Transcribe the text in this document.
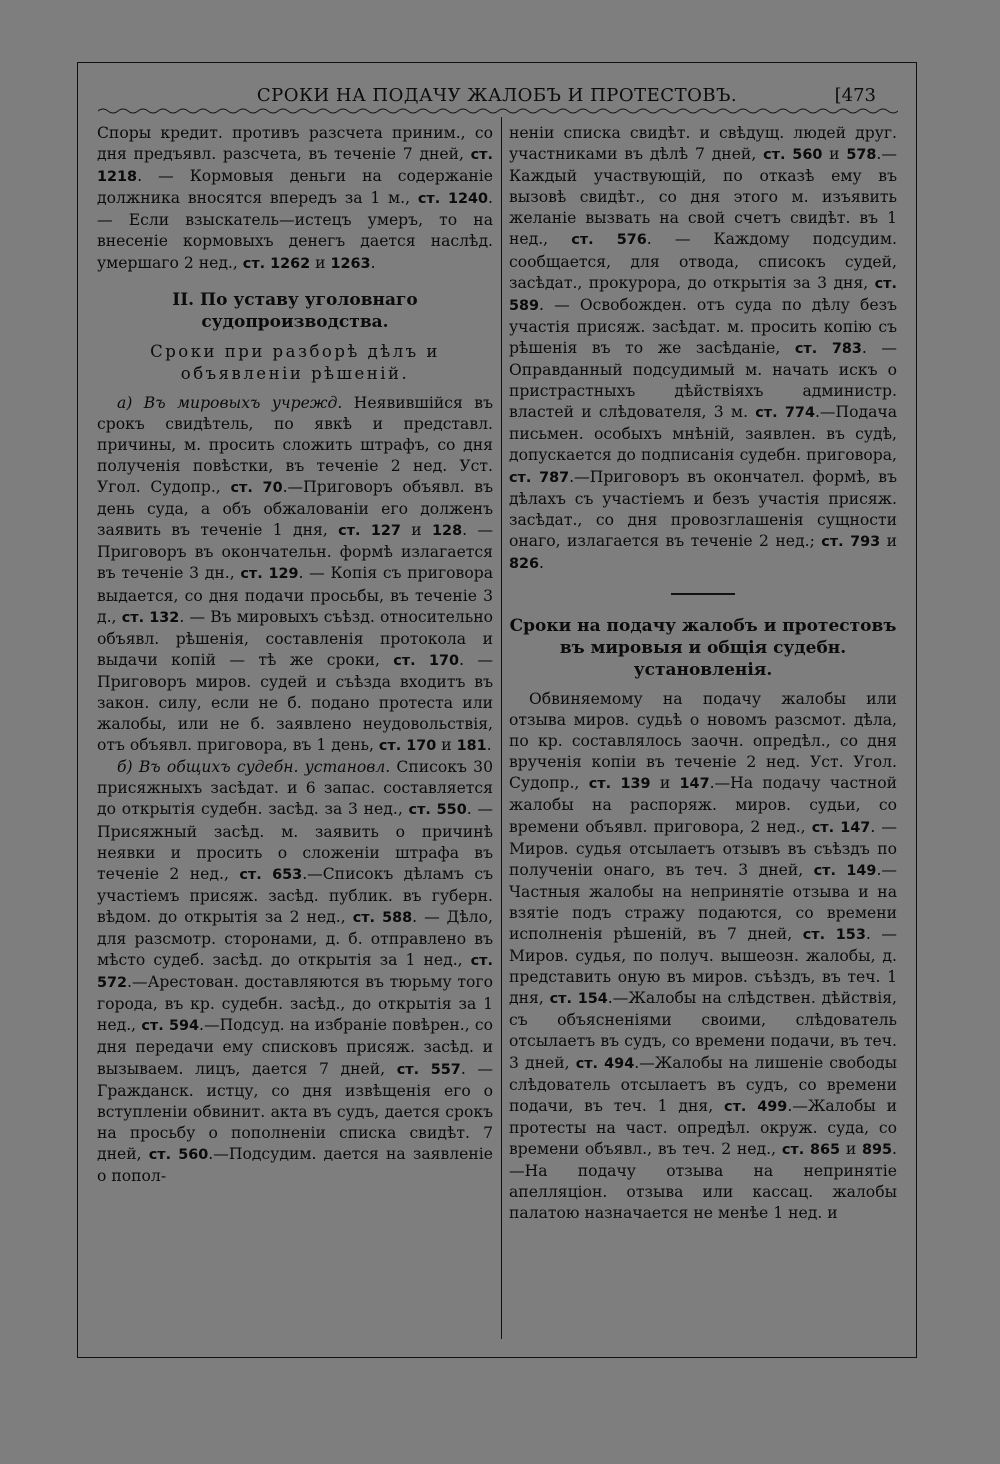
СРОКИ НА ПОДАЧУ ЖАЛОБЪ И ПРОТЕСТОВЪ.	[473

Споры кредит. противъ разсчета приним., со дня предъявл. разсчета, въ теченіе 7 дней, ст. 1218. — Кормовыя деньги на содержаніе должника вносятся впередъ за 1 м., ст. 1240. — Если взыскатель—истецъ умеръ, то на внесеніе кормовыхъ денегъ дается наслѣд. умершаго 2 нед., ст. 1262 и 1263.

II. По уставу уголовнаго судопроизводства.
Сроки при разборѣ дѣлъ и объявленіи рѣшеній.

а) Въ мировыхъ учрежд. Неявившійся въ срокъ свидѣтель, по явкѣ и представл. причины, м. просить сложить штрафъ, со дня полученія повѣстки, въ теченіе 2 нед. Уст. Угол. Судопр., ст. 70.—Приговоръ объявл. въ день суда, а объ обжалованіи его долженъ заявить въ теченіе 1 дня, ст. 127 и 128. — Приговоръ въ окончательн. формѣ излагается въ теченіе 3 дн., ст. 129. — Копія съ приговора выдается, со дня подачи просьбы, въ теченіе 3 д., ст. 132. — Въ мировыхъ съѣзд. относительно объявл. рѣшенія, составленія протокола и выдачи копій — тѣ же сроки, ст. 170. — Приговоръ миров. судей и съѣзда входитъ въ закон. силу, если не б. подано протеста или жалобы, или не б. заявлено неудовольствія, отъ объявл. приговора, въ 1 день, ст. 170 и 181.

б) Въ общихъ судебн. установл. Списокъ 30 присяжныхъ засѣдат. и 6 запас. составляется до открытія судебн. засѣд. за 3 нед., ст. 550. — Присяжный засѣд. м. заявить о причинѣ неявки и просить о сложеніи штрафа въ теченіе 2 нед., ст. 653.—Списокъ дѣламъ съ участіемъ присяж. засѣд. публик. въ губерн. вѣдом. до открытія за 2 нед., ст. 588. — Дѣло, для разсмотр. сторонами, д. б. отправлено въ мѣсто судеб. засѣд. до открытія за 1 нед., ст. 572.—Арестован. доставляются въ тюрьму того города, въ кр. судебн. засѣд., до открытія за 1 нед., ст. 594.—Подсуд. на избраніе повѣрен., со дня передачи ему списковъ присяж. засѣд. и вызываем. лицъ, дается 7 дней, ст. 557. — Гражданск. истцу, со дня извѣщенія его о вступленіи обвинит. акта въ судъ, дается срокъ на просьбу о пополненіи списка свидѣт. 7 дней, ст. 560.—Подсудим. дается на заявленіе о попол-

неніи списка свидѣт. и свѣдущ. людей друг. участниками въ дѣлѣ 7 дней, ст. 560 и 578.—Каждый участвующій, по отказѣ ему въ вызовѣ свидѣт., со дня этого м. изъявить желаніе вызвать на свой счетъ свидѣт. въ 1 нед., ст. 576. — Каждому подсудим. сообщается, для отвода, списокъ судей, засѣдат., прокурора, до открытія за 3 дня, ст. 589. — Освобожден. отъ суда по дѣлу безъ участія присяж. засѣдат. м. просить копію съ рѣшенія въ то же засѣданіе, ст. 783. — Оправданный подсудимый м. начать искъ о пристрастныхъ дѣйствіяхъ администр. властей и слѣдователя, 3 м. ст. 774.—Подача письмен. особыхъ мнѣній, заявлен. въ судѣ, допускается до подписанія судебн. приговора, ст. 787.—Приговоръ въ окончател. формѣ, въ дѣлахъ съ участіемъ и безъ участія присяж. засѣдат., со дня провозглашенія сущности онаго, излагается въ теченіе 2 нед.; ст. 793 и 826.

Сроки на подачу жалобъ и протестовъ въ мировыя и общія судебн. установленія.

Обвиняемому на подачу жалобы или отзыва миров. судьѣ о новомъ разсмот. дѣла, по кр. составлялось заочн. опредѣл., со дня врученія копіи въ теченіе 2 нед. Уст. Угол. Судопр., ст. 139 и 147.—На подачу частной жалобы на распоряж. миров. судьи, со времени объявл. приговора, 2 нед., ст. 147. — Миров. судья отсылаетъ отзывъ въ съѣздъ по полученіи онаго, въ теч. 3 дней, ст. 149.—Частныя жалобы на непринятіе отзыва и на взятіе подъ стражу подаются, со времени исполненія рѣшеній, въ 7 дней, ст. 153. — Миров. судья, по получ. вышеозн. жалобы, д. представить оную въ миров. съѣздъ, въ теч. 1 дня, ст. 154.—Жалобы на слѣдствен. дѣйствія, съ объясненіями своими, слѣдователь отсылаетъ въ судъ, со времени подачи, въ теч. 3 дней, ст. 494.—Жалобы на лишеніе свободы слѣдователь отсылаетъ въ судъ, со времени подачи, въ теч. 1 дня, ст. 499.—Жалобы и протесты на част. опредѣл. окруж. суда, со времени объявл., въ теч. 2 нед., ст. 865 и 895.—На подачу отзыва на непринятіе апелляціон. отзыва или кассац. жалобы палатою назначается не менѣе 1 нед. и
